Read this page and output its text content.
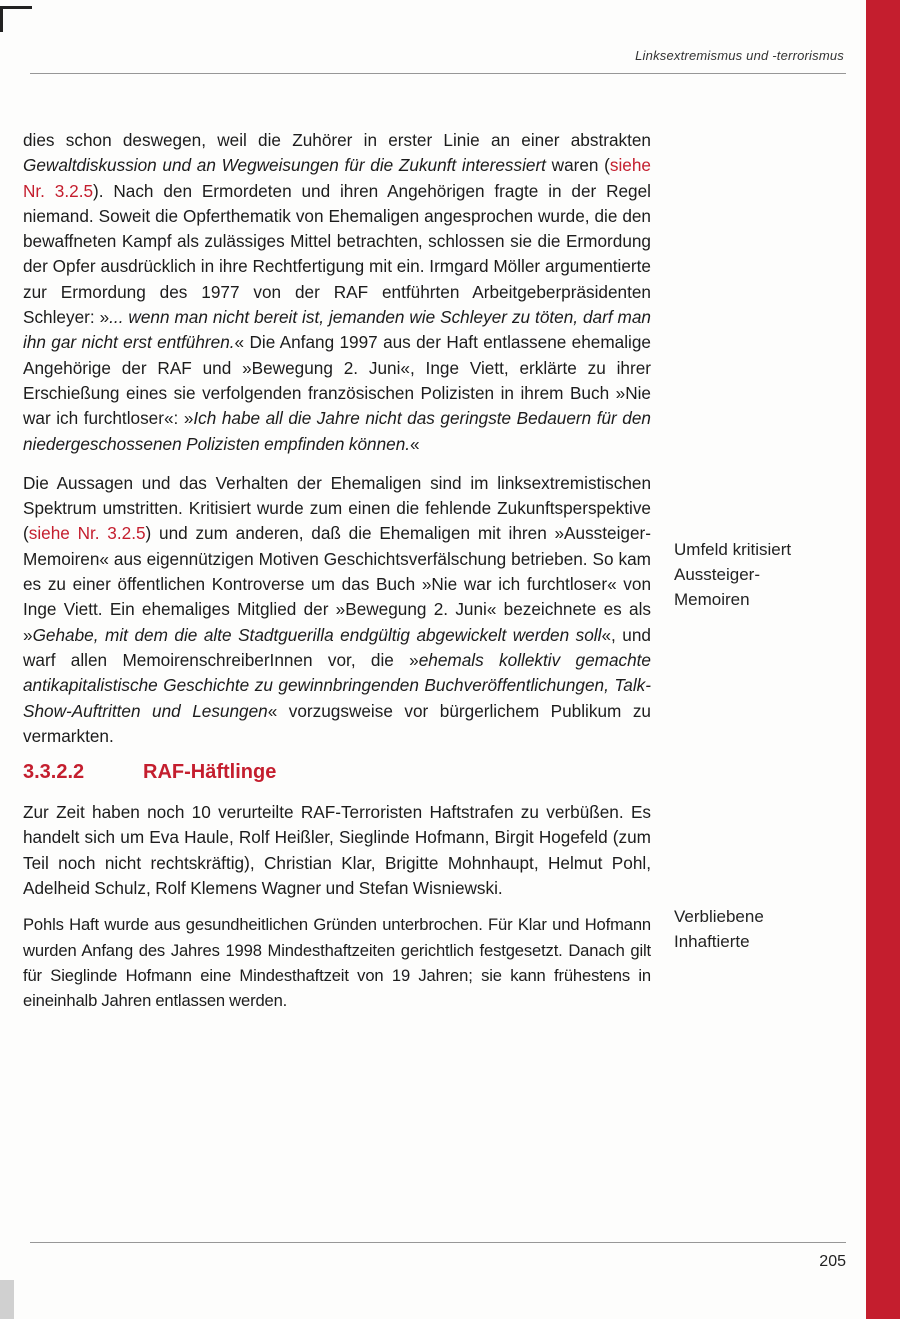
Linksextremismus und -terrorismus

dies schon deswegen, weil die Zuhörer in erster Linie an einer abstrakten Gewaltdiskussion und an Wegweisungen für die Zukunft interessiert waren (siehe Nr. 3.2.5). Nach den Ermordeten und ihren Angehörigen fragte in der Regel niemand. Soweit die Opferthematik von Ehemaligen angesprochen wurde, die den bewaffneten Kampf als zulässiges Mittel betrachten, schlossen sie die Ermordung der Opfer ausdrücklich in ihre Rechtfertigung mit ein. Irmgard Möller argumentierte zur Ermordung des 1977 von der RAF entführten Arbeitgeberpräsidenten Schleyer: »... wenn man nicht bereit ist, jemanden wie Schleyer zu töten, darf man ihn gar nicht erst entführen.« Die Anfang 1997 aus der Haft entlassene ehemalige Angehörige der RAF und »Bewegung 2. Juni«, Inge Viett, erklärte zu ihrer Erschießung eines sie verfolgenden französischen Polizisten in ihrem Buch »Nie war ich furchtloser«: »Ich habe all die Jahre nicht das geringste Bedauern für den niedergeschossenen Polizisten empfinden können.«

Die Aussagen und das Verhalten der Ehemaligen sind im linksextremistischen Spektrum umstritten. Kritisiert wurde zum einen die fehlende Zukunftsperspektive (siehe Nr. 3.2.5) und zum anderen, daß die Ehemaligen mit ihren »Aussteiger-Memoiren« aus eigennützigen Motiven Geschichtsverfälschung betrieben. So kam es zu einer öffentlichen Kontroverse um das Buch »Nie war ich furchtloser« von Inge Viett. Ein ehemaliges Mitglied der »Bewegung 2. Juni« bezeichnete es als »Gehabe, mit dem die alte Stadtguerilla endgültig abgewickelt werden soll«, und warf allen MemoirenschreiberInnen vor, die »ehemals kollektiv gemachte antikapitalistische Geschichte zu gewinnbringenden Buchveröffentlichungen, Talk-Show-Auftritten und Lesungen« vorzugsweise vor bürgerlichem Publikum zu vermarkten.

3.3.2.2	RAF-Häftlinge

Zur Zeit haben noch 10 verurteilte RAF-Terroristen Haftstrafen zu verbüßen. Es handelt sich um Eva Haule, Rolf Heißler, Sieglinde Hofmann, Birgit Hogefeld (zum Teil noch nicht rechtskräftig), Christian Klar, Brigitte Mohnhaupt, Helmut Pohl, Adelheid Schulz, Rolf Klemens Wagner und Stefan Wisniewski.

Pohls Haft wurde aus gesundheitlichen Gründen unterbrochen. Für Klar und Hofmann wurden Anfang des Jahres 1998 Mindesthaftzeiten gerichtlich festgesetzt. Danach gilt für Sieglinde Hofmann eine Mindesthaftzeit von 19 Jahren; sie kann frühestens in eineinhalb Jahren entlassen werden.

Umfeld kritisiert
Aussteiger-
Memoiren

Verbliebene
Inhaftierte

205
